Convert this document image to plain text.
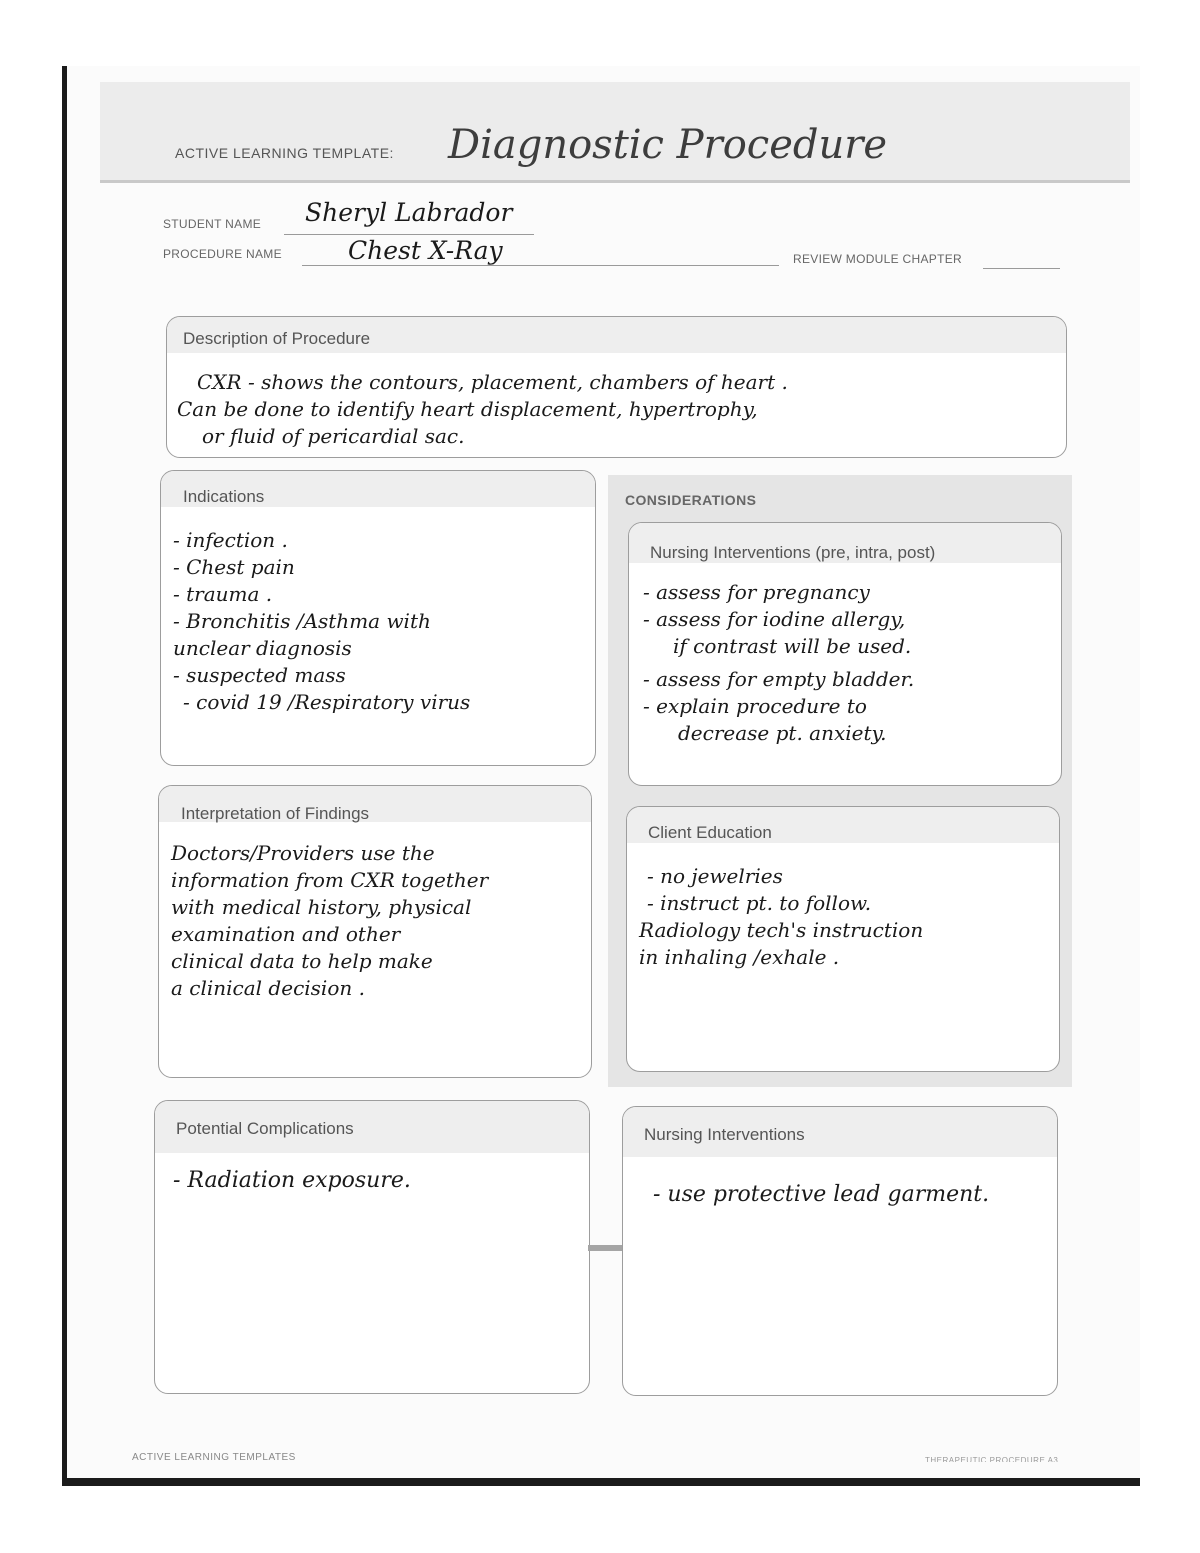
ACTIVE LEARNING TEMPLATE: Diagnostic Procedure
STUDENT NAME Sheryl Labrador
PROCEDURE NAME	Chest X-Ray	REVIEW MODULE CHAPTER
Description of Procedure
CXR - shows the contours, placement, chambers of heart .
Can be done to identify heart displacement, hypertrophy,
or fluid of pericardial sac.
CONSIDERATIONS
Indications
- infection .
- Chest pain
- trauma .
- Bronchitis /Asthma with
unclear diagnosis
- suspected mass
- covid 19 /Respiratory virus
Nursing Interventions (pre, intra, post)
- assess for pregnancy
- assess for iodine allergy,
if contrast will be used.
- assess for empty bladder.
- explain procedure to
decrease pt. anxiety.
Interpretation of Findings
Doctors/Providers use the
information from CXR together
with medical history, physical
examination and other
clinical data to help make
a clinical decision .
Client Education
- no jewelries
- instruct pt. to follow.
Radiology tech's instruction
in inhaling /exhale .
Potential Complications
- Radiation exposure.
Nursing Interventions
- use protective lead garment.
ACTIVE LEARNING TEMPLATES	THERAPEUTIC PROCEDURE A3
